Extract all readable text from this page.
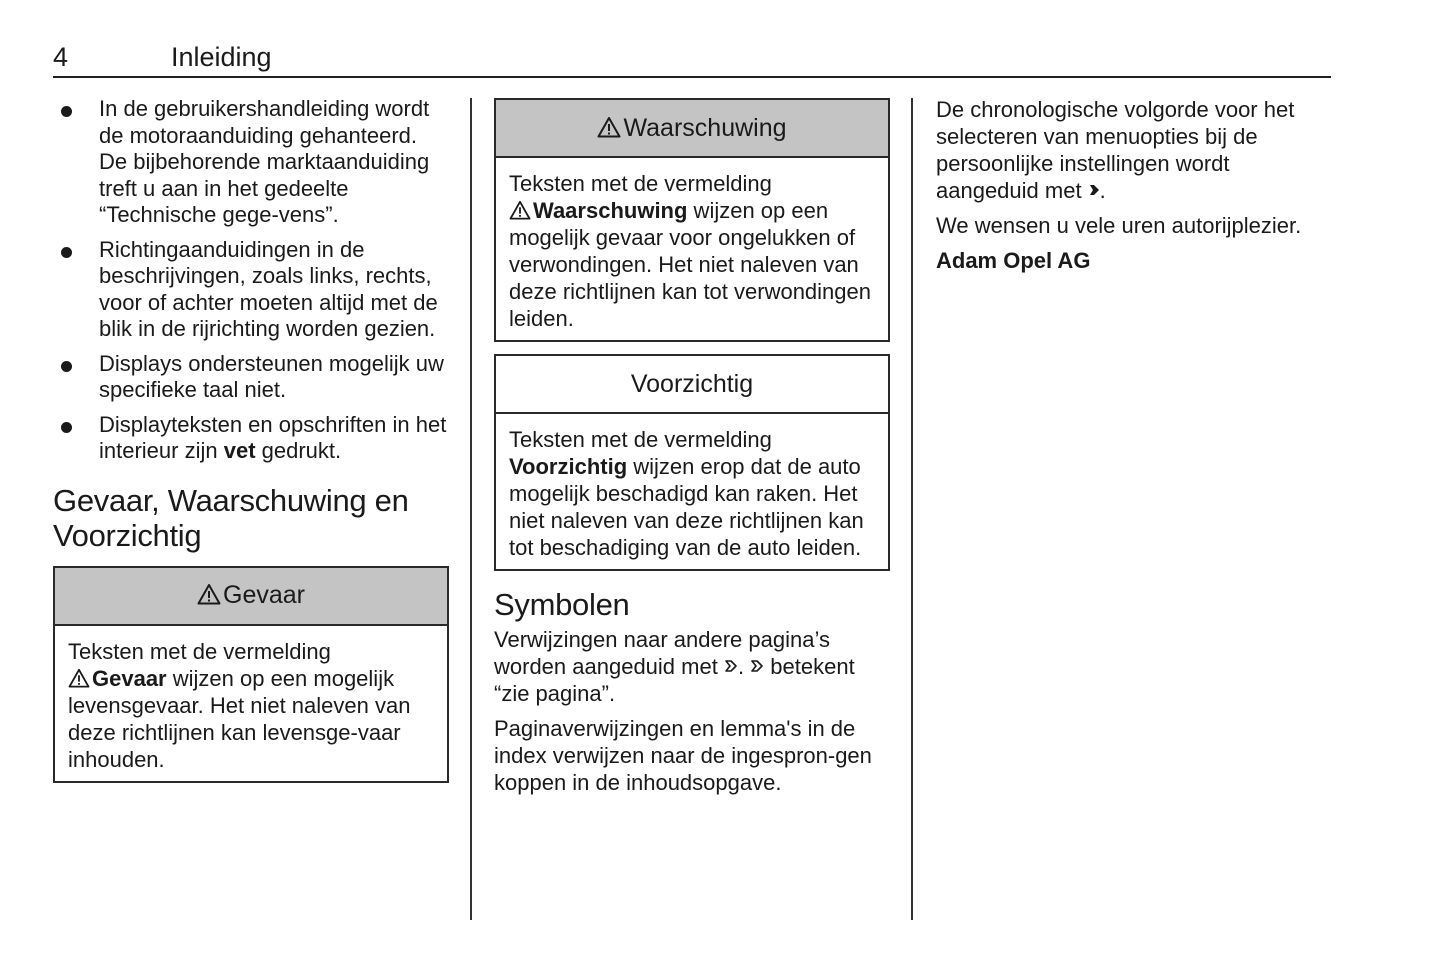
4	Inleiding
In de gebruikershandleiding wordt de motoraanduiding gehanteerd. De bijbehorende marktaanduiding treft u aan in het gedeelte “Technische gege-vens”.
Richtingaanduidingen in de beschrijvingen, zoals links, rechts, voor of achter moeten altijd met de blik in de rijrichting worden gezien.
Displays ondersteunen mogelijk uw specifieke taal niet.
Displayteksten en opschriften in het interieur zijn vet gedrukt.
Gevaar, Waarschuwing en Voorzichtig
Gevaar
Teksten met de vermelding
Gevaar wijzen op een mogelijk levensgevaar. Het niet naleven van deze richtlijnen kan levensge-vaar inhouden.
Waarschuwing
Teksten met de vermelding
Waarschuwing wijzen op een mogelijk gevaar voor ongelukken of verwondingen. Het niet naleven van deze richtlijnen kan tot verwondingen leiden.
Voorzichtig
Teksten met de vermelding
Voorzichtig wijzen erop dat de auto mogelijk beschadigd kan raken. Het niet naleven van deze richtlijnen kan tot beschadiging van de auto leiden.
Symbolen

Verwijzingen naar andere pagina’s worden aangeduid met .  betekent “zie pagina”.

Paginaverwijzingen en lemma's in de index verwijzen naar de ingespron-gen koppen in de inhoudsopgave.

De chronologische volgorde voor het selecteren van menuopties bij de persoonlijke instellingen wordt aangeduid met .

We wensen u vele uren autorijplezier.

Adam Opel AG
